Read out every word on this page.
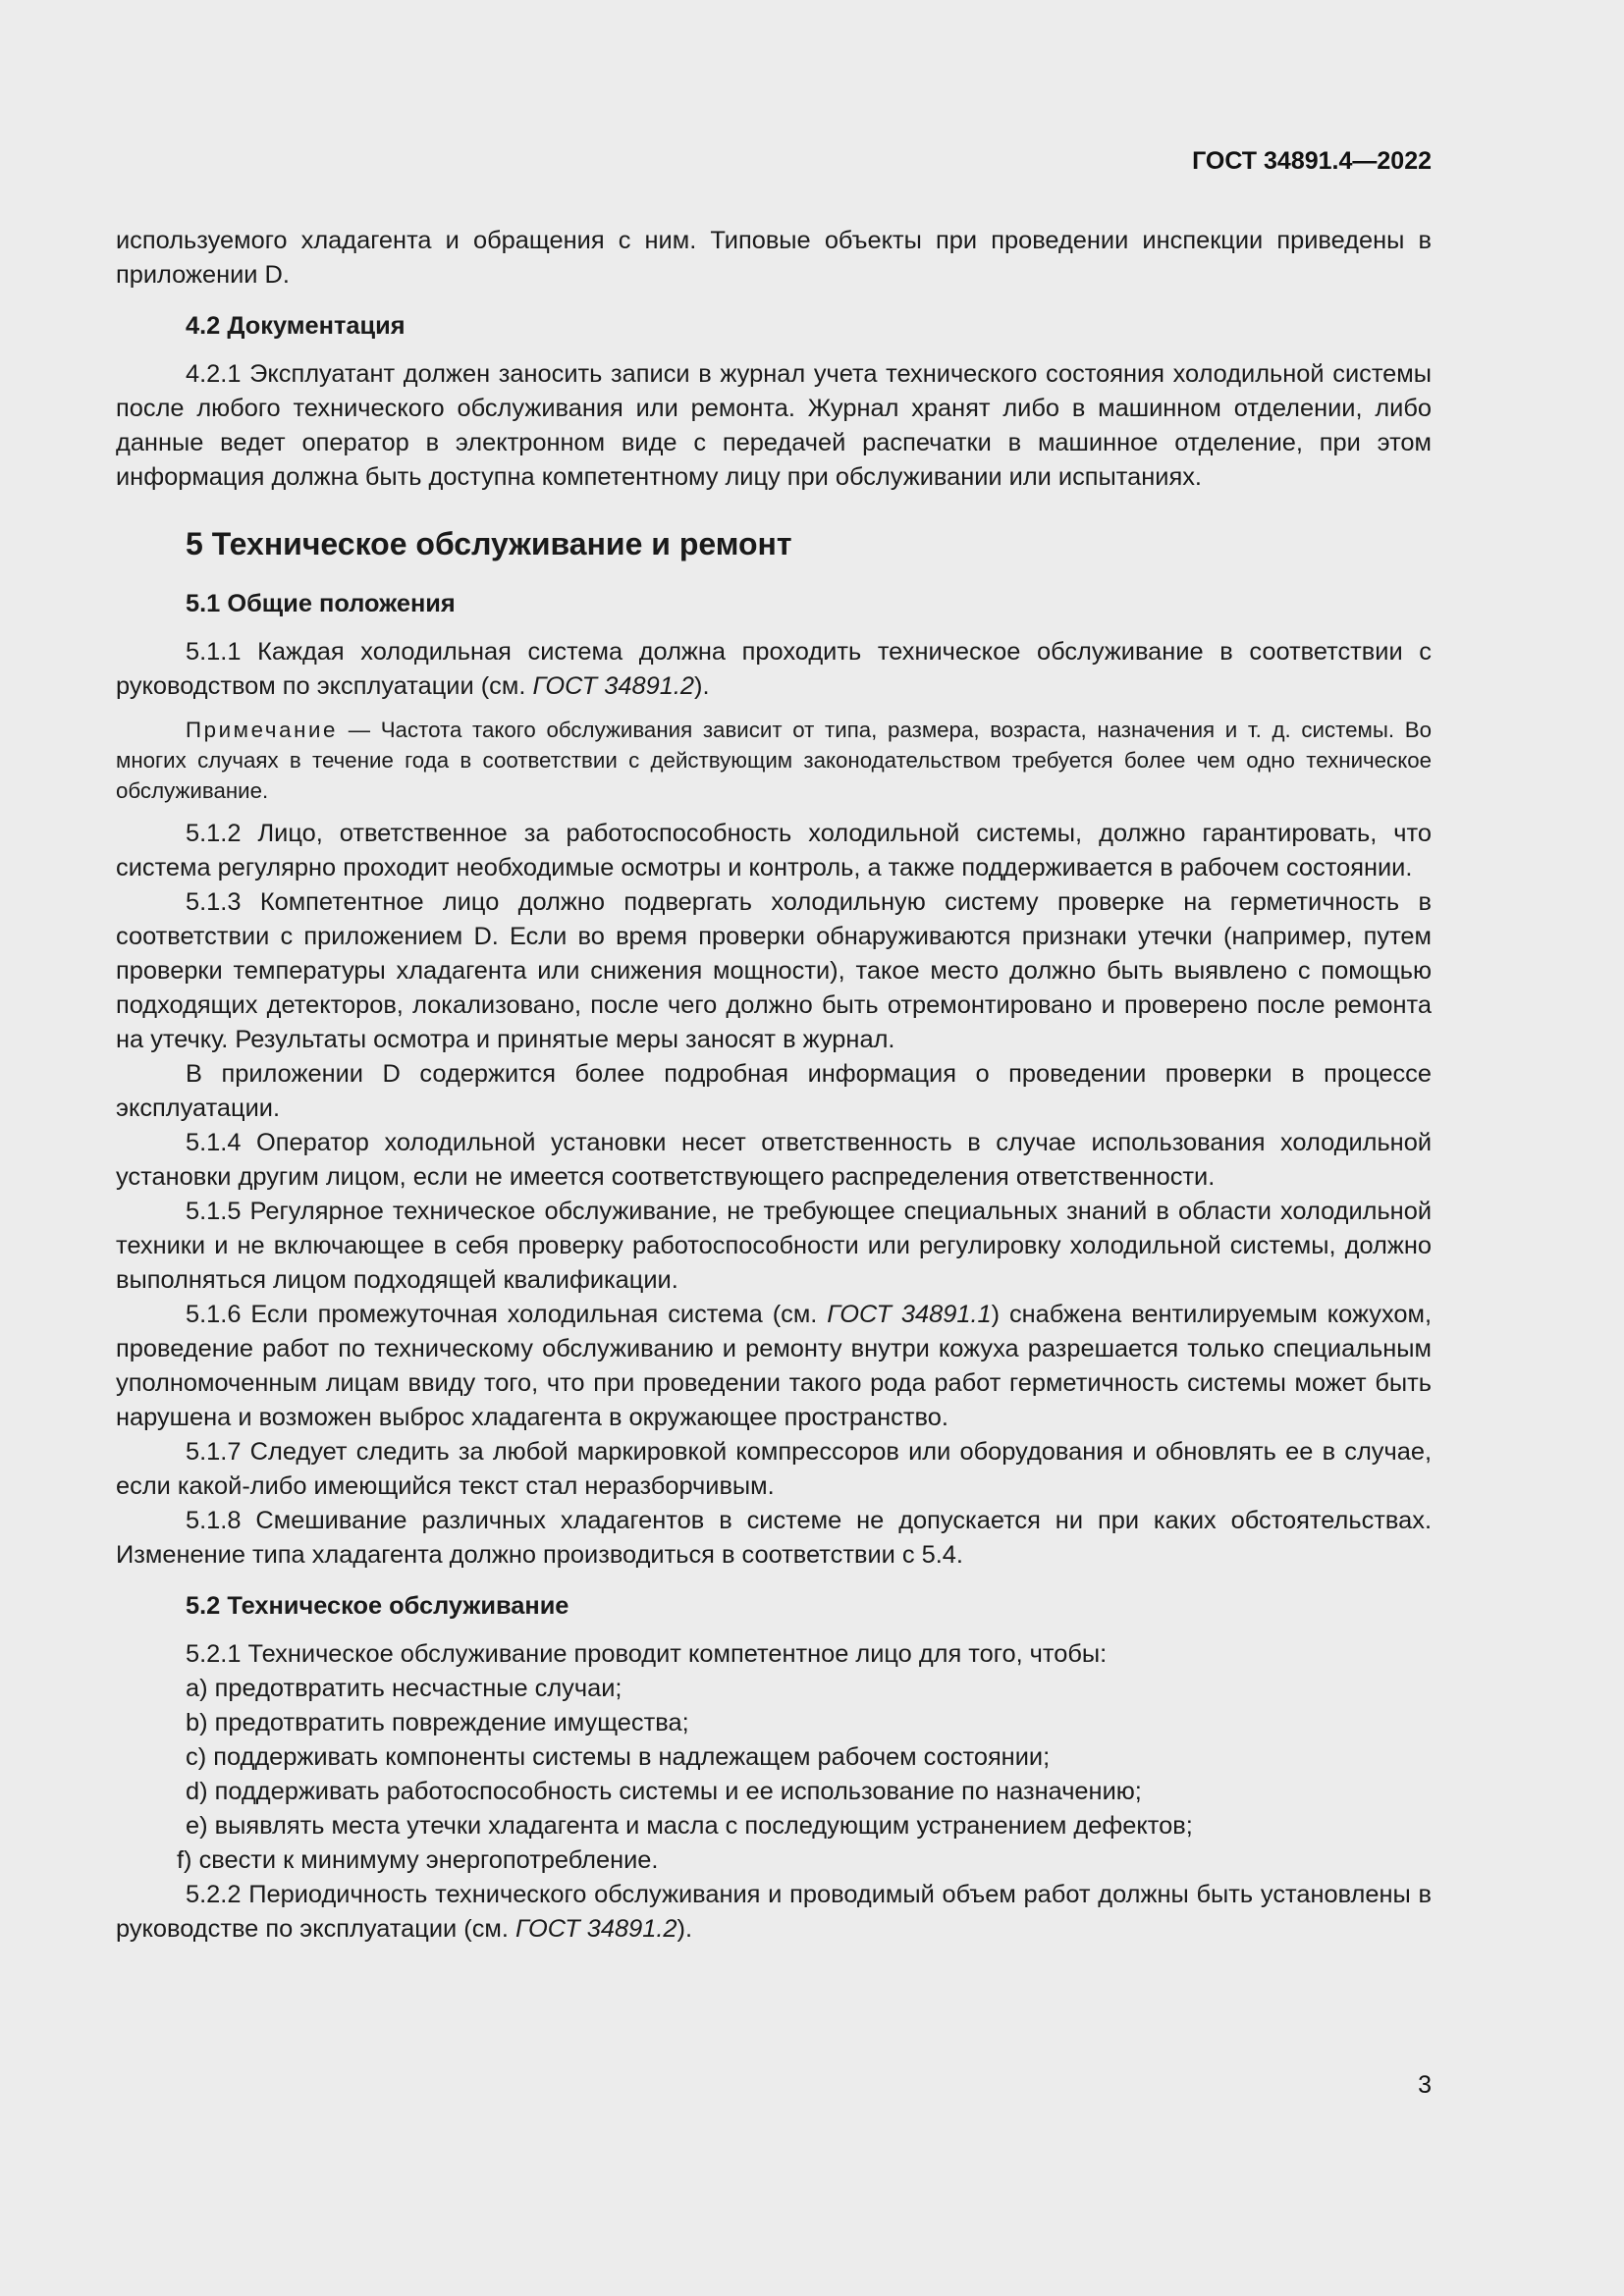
ГОСТ 34891.4—2022

используемого хладагента и обращения с ним. Типовые объекты при проведении инспекции приведены в приложении D.

4.2 Документация

4.2.1 Эксплуатант должен заносить записи в журнал учета технического состояния холодильной системы после любого технического обслуживания или ремонта. Журнал хранят либо в машинном отделении, либо данные ведет оператор в электронном виде с передачей распечатки в машинное отделение, при этом информация должна быть доступна компетентному лицу при обслуживании или испытаниях.

5 Техническое обслуживание и ремонт
5.1 Общие положения

5.1.1 Каждая холодильная система должна проходить техническое обслуживание в соответствии с руководством по эксплуатации (см. ГОСТ 34891.2).

Примечание — Частота такого обслуживания зависит от типа, размера, возраста, назначения и т. д. системы. Во многих случаях в течение года в соответствии с действующим законодательством требуется более чем одно техническое обслуживание.

5.1.2 Лицо, ответственное за работоспособность холодильной системы, должно гарантировать, что система регулярно проходит необходимые осмотры и контроль, а также поддерживается в рабочем состоянии.

5.1.3 Компетентное лицо должно подвергать холодильную систему проверке на герметичность в соответствии с приложением D. Если во время проверки обнаруживаются признаки утечки (например, путем проверки температуры хладагента или снижения мощности), такое место должно быть выявлено с помощью подходящих детекторов, локализовано, после чего должно быть отремонтировано и проверено после ремонта на утечку. Результаты осмотра и принятые меры заносят в журнал.

В приложении D содержится более подробная информация о проведении проверки в процессе эксплуатации.

5.1.4 Оператор холодильной установки несет ответственность в случае использования холодильной установки другим лицом, если не имеется соответствующего распределения ответственности.

5.1.5 Регулярное техническое обслуживание, не требующее специальных знаний в области холодильной техники и не включающее в себя проверку работоспособности или регулировку холодильной системы, должно выполняться лицом подходящей квалификации.

5.1.6 Если промежуточная холодильная система (см. ГОСТ 34891.1) снабжена вентилируемым кожухом, проведение работ по техническому обслуживанию и ремонту внутри кожуха разрешается только специальным уполномоченным лицам ввиду того, что при проведении такого рода работ герметичность системы может быть нарушена и возможен выброс хладагента в окружающее пространство.

5.1.7 Следует следить за любой маркировкой компрессоров или оборудования и обновлять ее в случае, если какой-либо имеющийся текст стал неразборчивым.

5.1.8 Смешивание различных хладагентов в системе не допускается ни при каких обстоятельствах. Изменение типа хладагента должно производиться в соответствии с 5.4.

5.2 Техническое обслуживание

5.2.1 Техническое обслуживание проводит компетентное лицо для того, чтобы:

a) предотвратить несчастные случаи;

b) предотвратить повреждение имущества;

c) поддерживать компоненты системы в надлежащем рабочем состоянии;

d) поддерживать работоспособность системы и ее использование по назначению;

e) выявлять места утечки хладагента и масла с последующим устранением дефектов;

f) свести к минимуму энергопотребление.

5.2.2 Периодичность технического обслуживания и проводимый объем работ должны быть установлены в руководстве по эксплуатации (см. ГОСТ 34891.2).

3
